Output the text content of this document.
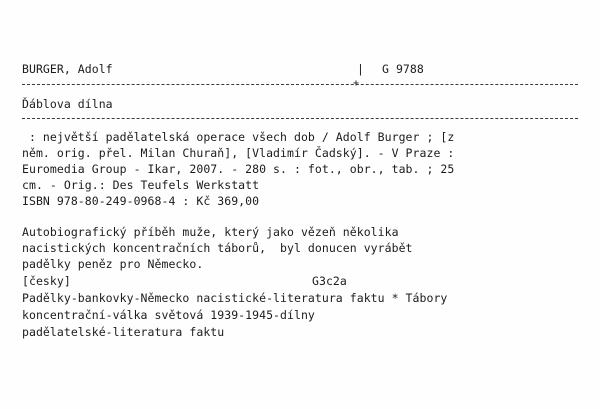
BURGER, Adolf	| G 9788
+
Ďáblova dílna
: největší padělatelská operace všech dob / Adolf Burger ; [z
něm. orig. přel. Milan Churaň], [Vladimír Čadský]. - V Praze :
Euromedia Group - Ikar, 2007. - 280 s. : fot., obr., tab. ; 25
cm. - Orig.: Des Teufels Werkstatt
ISBN 978-80-249-0968-4 : Kč 369,00
Autobiografický příběh muže, který jako vězeň několika
nacistických koncentračních táborů,  byl donucen vyrábět
padělky peněz pro Německo.
[česky]	G3c2a
Padělky-bankovky-Německo nacistické-literatura faktu * Tábory
koncentrační-válka světová 1939-1945-dílny
padělatelské-literatura faktu
